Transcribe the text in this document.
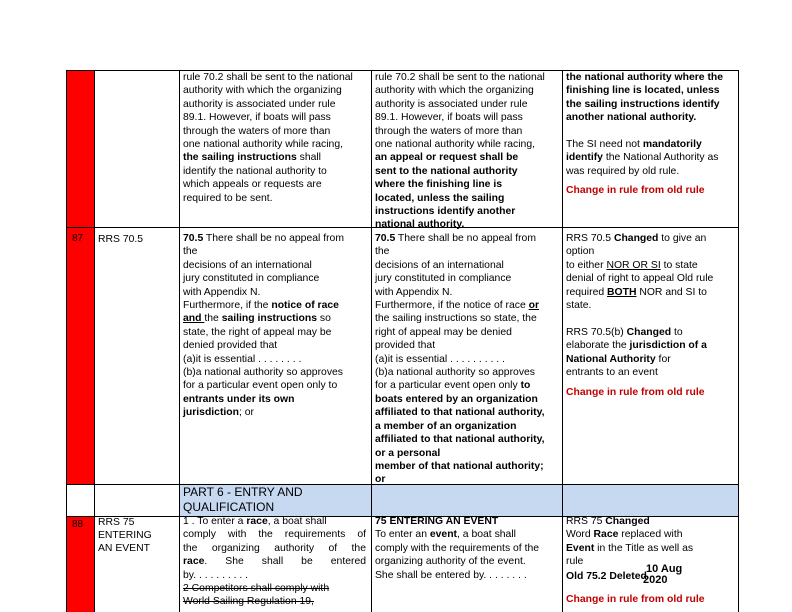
rule 70.2 shall be sent to the national

authority with which the organizing

authority is associated under rule

89.1. However, if boats will pass

through the waters of more than

one national authority while racing,

the sailing instructions shall

identify the national authority to

which appeals or requests are

required to be sent.

rule 70.2 shall be sent to the national

authority with which the organizing

authority is associated under rule

89.1. However, if boats will pass

through the waters of more than

one national authority while racing,

an appeal or request shall be

sent to the national authority

where the finishing line is

located, unless the sailing

instructions identify another

national authority.

the national authority where the

finishing line is located, unless

the sailing instructions identify

another national authority.

The SI need not mandatorily

identify the National Authority as

was required by old rule.

Change in rule from old rule

87 RRS 70.5	70.5 There shall be no appeal from

the

decisions of an international

jury constituted in compliance

with Appendix N.

Furthermore, if the notice of race

and the sailing instructions so

state, the right of appeal may be

denied provided that

(a)it is essential . . . . . . . .

(b)a national authority so approves

for a particular event open only to

entrants under its own

jurisdiction; or

70.5 There shall be no appeal from

the

decisions of an international

jury constituted in compliance

with Appendix N.

Furthermore, if the notice of race or

the sailing instructions so state, the

right of appeal may be denied

provided that

(a)it is essential . . . . . . . . . .

(b)a national authority so approves

for a particular event open only to

boats entered by an organization

affiliated to that national authority,

a member of an organization

affiliated to that national authority,

or a personal

member of that national authority;

or

RRS 70.5 Changed to give an

option

to either NOR OR SI to state

denial of right to appeal Old rule

required BOTH NOR and SI to

state.

RRS 70.5(b) Changed to

elaborate the jurisdiction of a

National Authority for

entrants to an event

Change in rule from old rule

PART 6 - ENTRY AND
QUALIFICATION
88 RRS 75
ENTERING
AN EVENT

1 . To enter a race, a boat shall

comply with the requirements of

the organizing authority of the

race. She shall be entered

by. . . . . . . . . .

2 Competitors shall comply with

World Sailing Regulation 19,

75 ENTERING AN EVENT

To enter an event, a boat shall

comply with the requirements of the

organizing authority of the event.

She shall be entered by. . . . . . . .

RRS 75 Changed

Word Race replaced with

Event in the Title as well as

rule

Old 75.2 Deleted

Change in rule from old rule

10 Aug
2020
